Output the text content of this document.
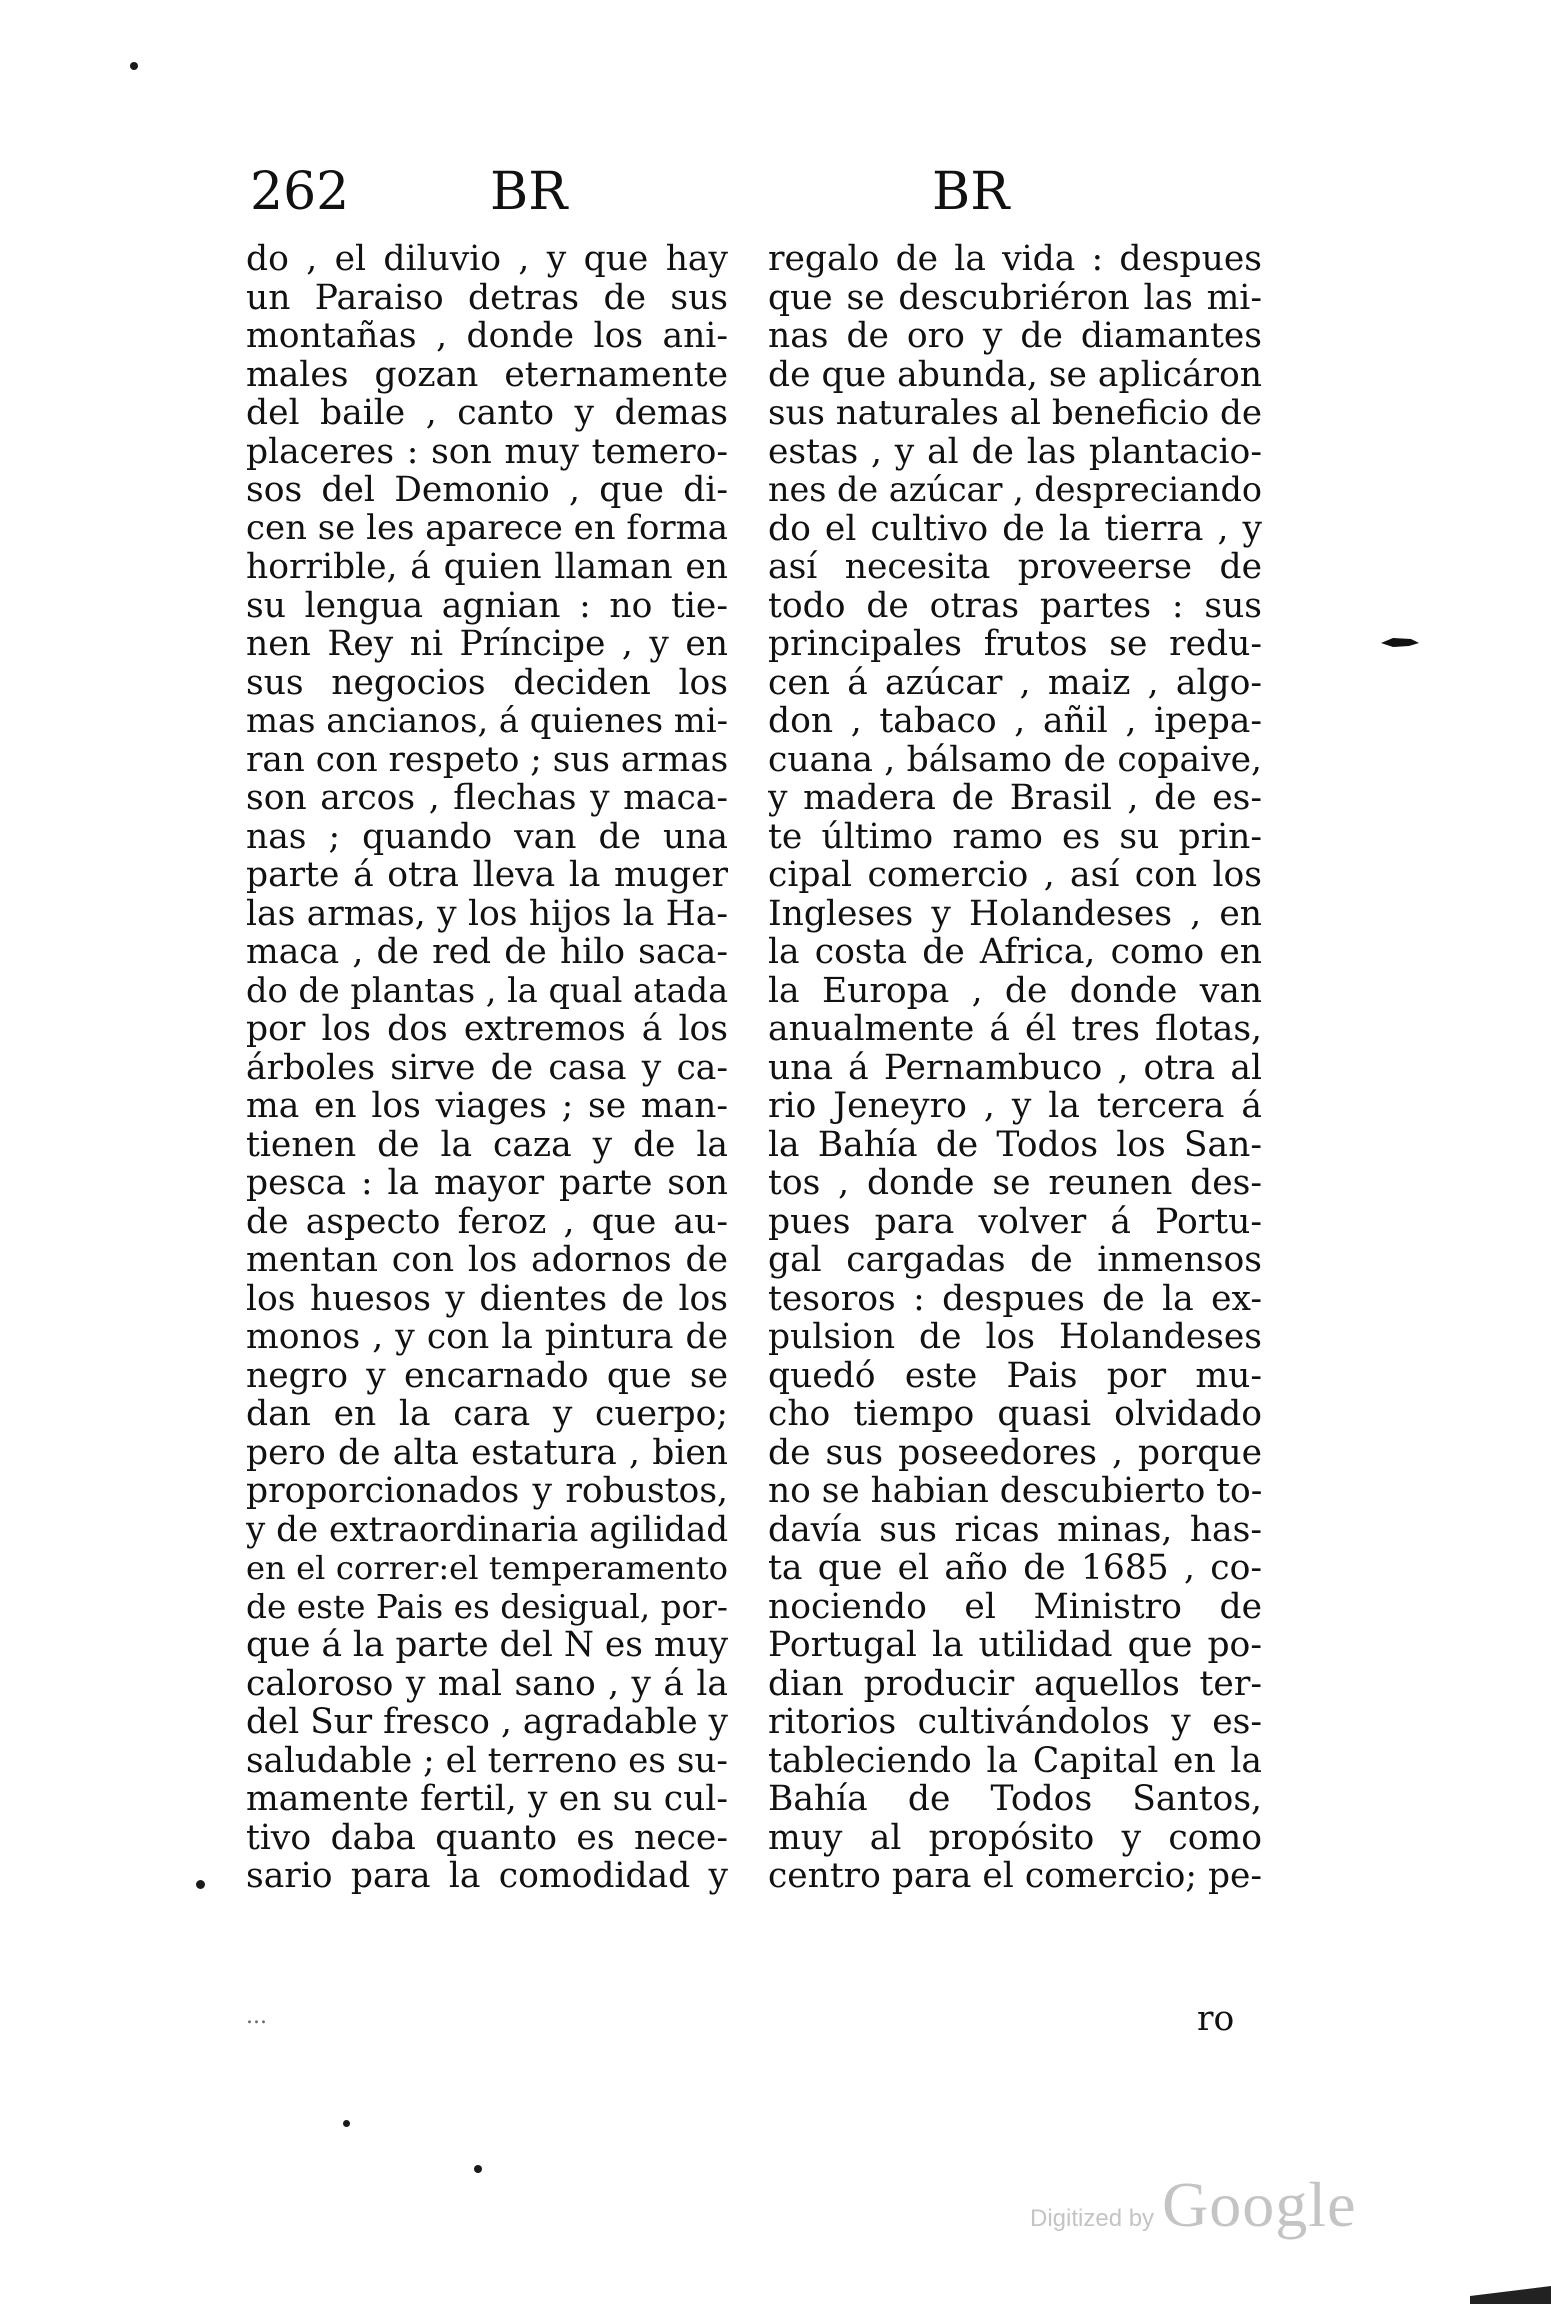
262	BR	BR
do , el diluvio , y que hay
un Paraiso detras de sus
montañas , donde los ani-
males gozan eternamente
del baile , canto y demas
placeres : son muy temero-
sos del Demonio , que di-
cen se les aparece en forma
horrible, á quien llaman en
su lengua agnian : no tie-
nen Rey ni Príncipe , y en
sus negocios deciden los
mas ancianos, á quienes mi-
ran con respeto ; sus armas
son arcos , flechas y maca-
nas ; quando van de una
parte á otra lleva la muger
las armas, y los hijos la Ha-
maca , de red de hilo saca-
do de plantas , la qual atada
por los dos extremos á los
árboles sirve de casa y ca-
ma en los viages ; se man-
tienen de la caza y de la
pesca : la mayor parte son
de aspecto feroz , que au-
mentan con los adornos de
los huesos y dientes de los
monos , y con la pintura de
negro y encarnado que se
dan en la cara y cuerpo;
pero de alta estatura , bien
proporcionados y robustos,
y de extraordinaria agilidad
en el correr:el temperamento
de este Pais es desigual, por-
que á la parte del N es muy
caloroso y mal sano , y á la
del Sur fresco , agradable y
saludable ; el terreno es su-
mamente fertil, y en su cul-
tivo daba quanto es nece-
sario para la comodidad y
regalo de la vida : despues
que se descubriéron las mi-
nas de oro y de diamantes
de que abunda, se aplicáron
sus naturales al beneficio de
estas , y al de las plantacio-
nes de azúcar , despreciando
do el cultivo de la tierra , y
así necesita proveerse de
todo de otras partes : sus
principales frutos se redu-
cen á azúcar , maiz , algo-
don , tabaco , añil , ipepa-
cuana , bálsamo de copaive,
y madera de Brasil , de es-
te último ramo es su prin-
cipal comercio , así con los
Ingleses y Holandeses , en
la costa de Africa, como en
la Europa , de donde van
anualmente á él tres flotas,
una á Pernambuco , otra al
rio Jeneyro , y la tercera á
la Bahía de Todos los San-
tos , donde se reunen des-
pues para volver á Portu-
gal cargadas de inmensos
tesoros : despues de la ex-
pulsion de los Holandeses
quedó este Pais por mu-
cho tiempo quasi olvidado
de sus poseedores , porque
no se habian descubierto to-
davía sus ricas minas, has-
ta que el año de 1685 , co-
nociendo el Ministro de
Portugal la utilidad que po-
dian producir aquellos ter-
ritorios cultivándolos y es-
tableciendo la Capital en la
Bahía de Todos Santos,
muy al propósito y como
centro para el comercio; pe-
...	ro
Digitized by Google
